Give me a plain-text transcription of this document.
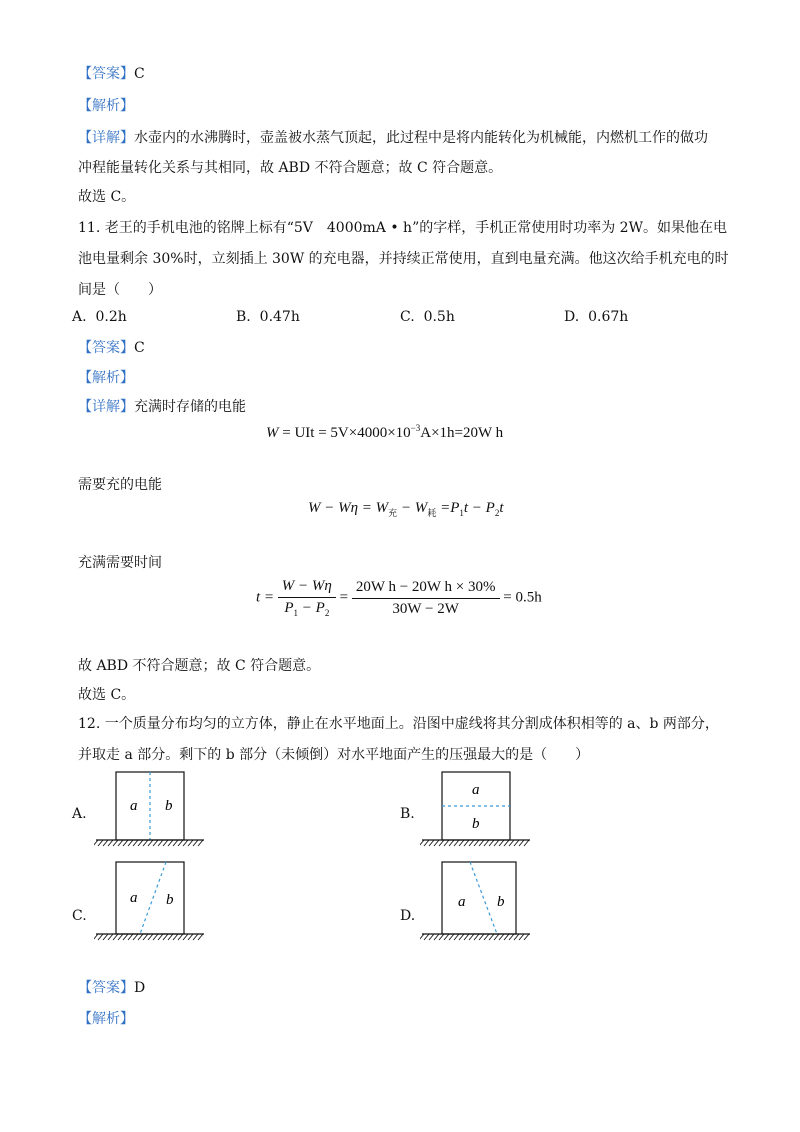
【答案】C
【解析】
【详解】水壶内的水沸腾时，壶盖被水蒸气顶起，此过程中是将内能转化为机械能，内燃机工作的做功
冲程能量转化关系与其相同，故 ABD 不符合题意；故 C 符合题意。
故选 C。
11. 老王的手机电池的铭牌上标有“5V　4000mA • h”的字样，手机正常使用时功率为 2W。如果他在电
池电量剩余 30%时，立刻插上 30W 的充电器，并持续正常使用，直到电量充满。他这次给手机充电的时
间是（　　）
A. 0.2h	B. 0.47h	C. 0.5h	D. 0.67h
【答案】C
【解析】
【详解】充满时存储的电能
W = UIt = $5V\times 4000\times 10^{-3}A\times 1h=20W$ h
需要充的电能
$W - W\eta = W_充 - W_耗 =P_1t - P_2t$
充满需要时间
$t = \frac{W - W\eta}{P_1 - P_2} = \frac{\text{20W h − 20W h × 30\%}}{30W - 2W} = 0.5h$
故 ABD 不符合题意；故 C 符合题意。
故选 C。
12. 一个质量分布均匀的立方体，静止在水平地面上。沿图中虚线将其分割成体积相等的 a、b 两部分，
并取走 a 部分。剩下的 b 部分（未倾倒）对水平地面产生的压强最大的是（　　）
A.	a b	B.
a
b
C.
a b
D.
a b
【答案】D
【解析】
